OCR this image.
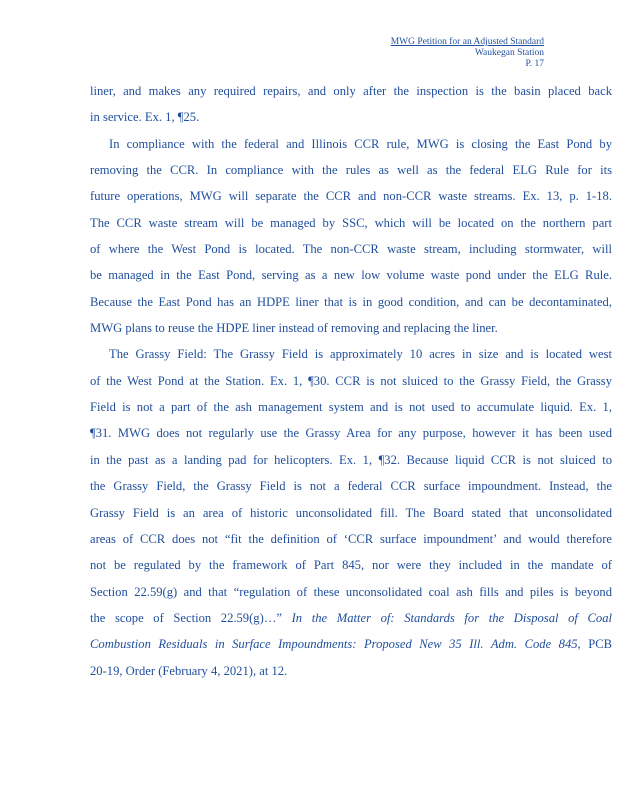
MWG Petition for an Adjusted Standard
Waukegan Station
P. 17
liner, and makes any required repairs, and only after the inspection is the basin placed back
in service. Ex. 1, ¶25.
In compliance with the federal and Illinois CCR rule, MWG is closing the East Pond by
removing the CCR. In compliance with the rules as well as the federal ELG Rule for its
future operations, MWG will separate the CCR and non-CCR waste streams. Ex. 13, p. 1-18.
The CCR waste stream will be managed by SSC, which will be located on the northern part
of where the West Pond is located. The non-CCR waste stream, including stormwater, will
be managed in the East Pond, serving as a new low volume waste pond under the ELG Rule.
Because the East Pond has an HDPE liner that is in good condition, and can be decontaminated,
MWG plans to reuse the HDPE liner instead of removing and replacing the liner.
The Grassy Field: The Grassy Field is approximately 10 acres in size and is located west
of the West Pond at the Station. Ex. 1, ¶30. CCR is not sluiced to the Grassy Field, the Grassy
Field is not a part of the ash management system and is not used to accumulate liquid. Ex. 1,
¶31. MWG does not regularly use the Grassy Area for any purpose, however it has been used
in the past as a landing pad for helicopters. Ex. 1, ¶32. Because liquid CCR is not sluiced to
the Grassy Field, the Grassy Field is not a federal CCR surface impoundment. Instead, the
Grassy Field is an area of historic unconsolidated fill. The Board stated that unconsolidated
areas of CCR does not “fit the definition of ‘CCR surface impoundment’ and would therefore
not be regulated by the framework of Part 845, nor were they included in the mandate of
Section 22.59(g) and that “regulation of these unconsolidated coal ash fills and piles is beyond
the scope of Section 22.59(g)…” In the Matter of: Standards for the Disposal of Coal
Combustion Residuals in Surface Impoundments: Proposed New 35 Ill. Adm. Code 845, PCB
20-19, Order (February 4, 2021), at 12.
